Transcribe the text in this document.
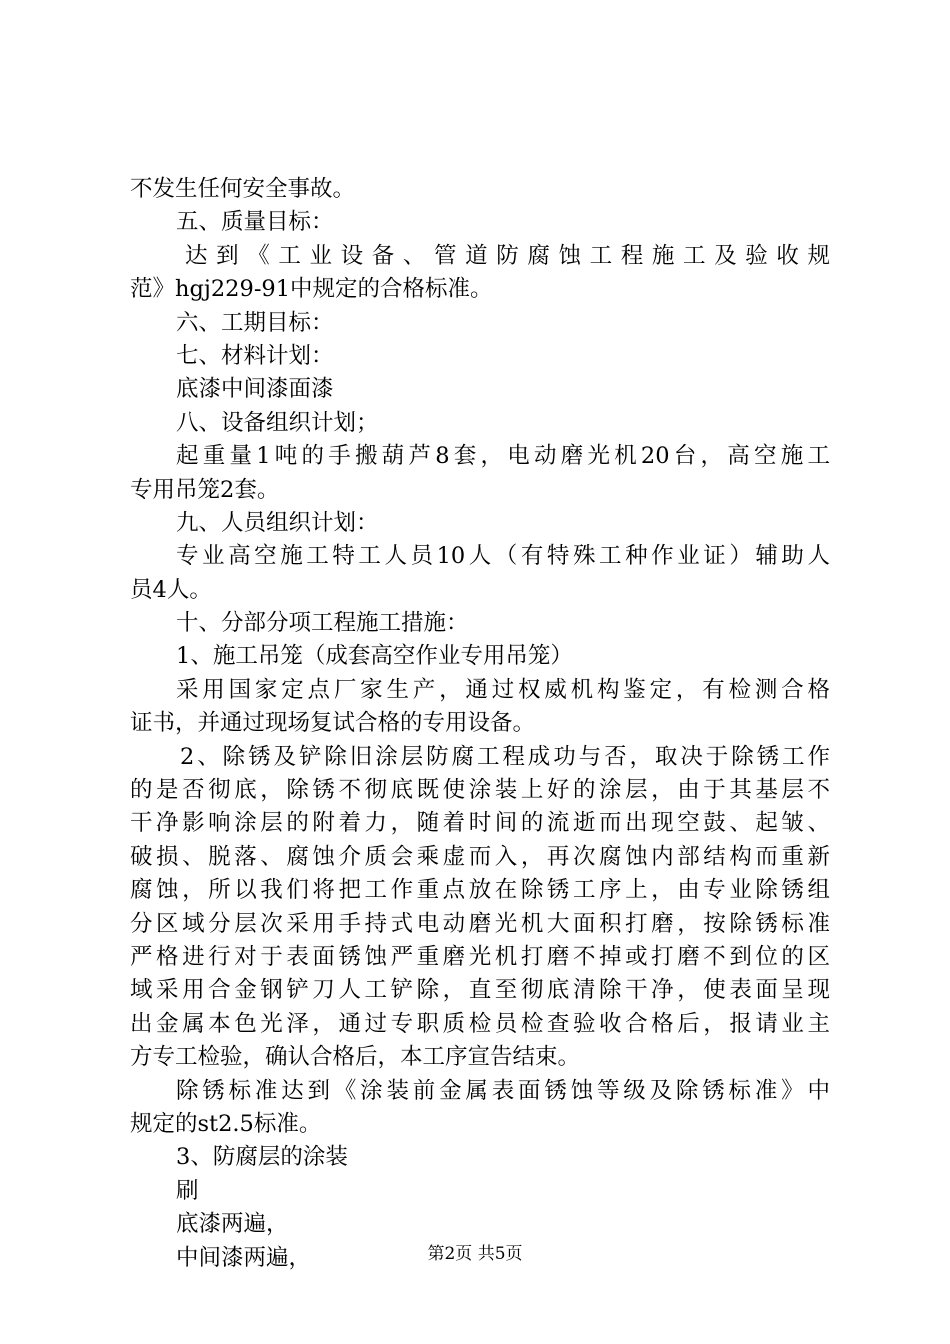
不发生任何安全事故。
五、质量目标：
达到《工业设备、管道防腐蚀工程施工及验收规
范》hgj229-91中规定的合格标准。
六、工期目标：
七、材料计划：
底漆中间漆面漆
八、设备组织计划；
起重量1吨的手搬葫芦8套，电动磨光机20台，高空施工
专用吊笼2套。
九、人员组织计划：
专业高空施工特工人员10人（有特殊工种作业证）辅助人
员4人。
十、分部分项工程施工措施：
1、施工吊笼（成套高空作业专用吊笼）
采用国家定点厂家生产，通过权威机构鉴定，有检测合格
证书，并通过现场复试合格的专用设备。
2、除锈及铲除旧涂层防腐工程成功与否，取决于除锈工作
的是否彻底，除锈不彻底既使涂装上好的涂层，由于其基层不
干净影响涂层的附着力，随着时间的流逝而出现空鼓、起皱、
破损、脱落、腐蚀介质会乘虚而入，再次腐蚀内部结构而重新
腐蚀，所以我们将把工作重点放在除锈工序上，由专业除锈组
分区域分层次采用手持式电动磨光机大面积打磨，按除锈标准
严格进行对于表面锈蚀严重磨光机打磨不掉或打磨不到位的区
域采用合金钢铲刀人工铲除，直至彻底清除干净，使表面呈现
出金属本色光泽，通过专职质检员检查验收合格后，报请业主
方专工检验，确认合格后，本工序宣告结束。
除锈标准达到《涂装前金属表面锈蚀等级及除锈标准》中
规定的st2.5标准。
3、防腐层的涂装
刷
底漆两遍，
中间漆两遍，	第2页 共5页
